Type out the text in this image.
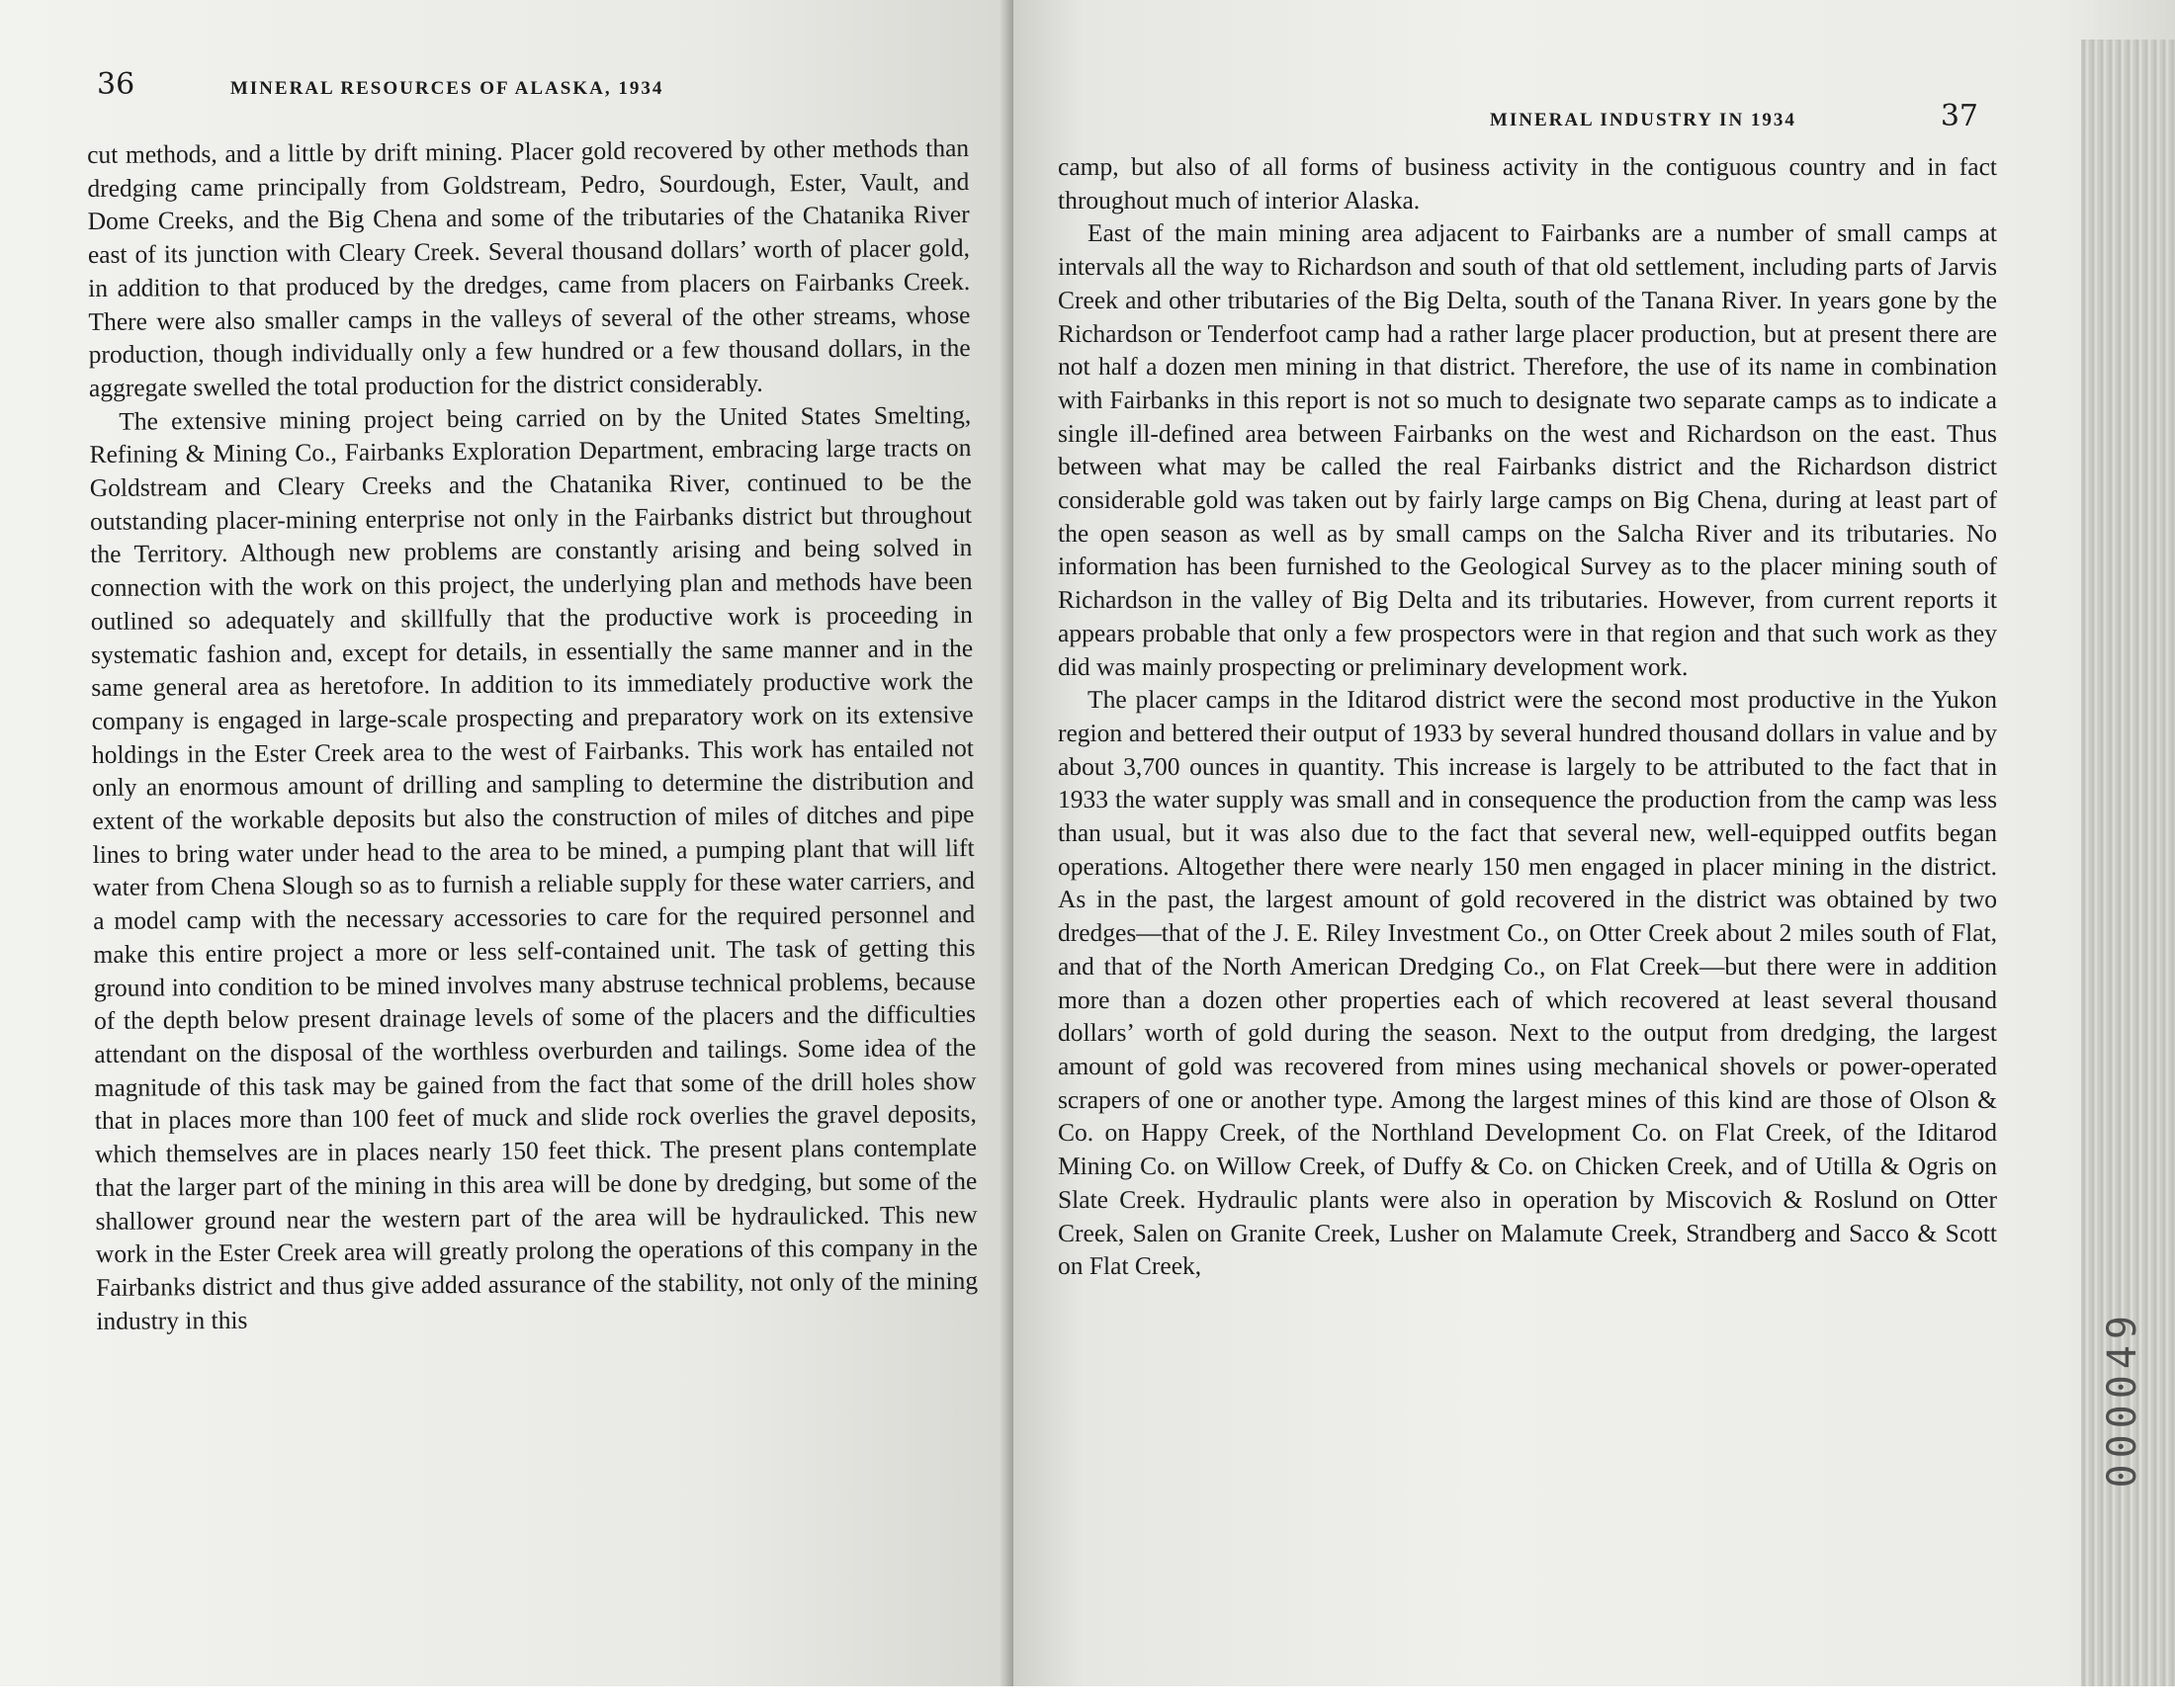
36	MINERAL RESOURCES OF ALASKA, 1934

cut methods, and a little by drift mining. Placer gold recovered by other methods than dredging came principally from Goldstream, Pedro, Sourdough, Ester, Vault, and Dome Creeks, and the Big Chena and some of the tributaries of the Chatanika River east of its junction with Cleary Creek. Several thousand dollars’ worth of placer gold, in addition to that produced by the dredges, came from placers on Fairbanks Creek. There were also smaller camps in the valleys of several of the other streams, whose production, though individually only a few hundred or a few thousand dollars, in the aggregate swelled the total production for the district considerably.

The extensive mining project being carried on by the United States Smelting, Refining & Mining Co., Fairbanks Exploration Department, embracing large tracts on Goldstream and Cleary Creeks and the Chatanika River, continued to be the outstanding placer-mining enterprise not only in the Fairbanks district but throughout the Territory. Although new problems are constantly arising and being solved in connection with the work on this project, the underlying plan and methods have been outlined so adequately and skillfully that the productive work is proceeding in systematic fashion and, except for details, in essentially the same manner and in the same general area as heretofore. In addition to its immediately productive work the company is engaged in large-scale prospecting and preparatory work on its extensive holdings in the Ester Creek area to the west of Fairbanks. This work has entailed not only an enormous amount of drilling and sampling to determine the distribution and extent of the workable deposits but also the construction of miles of ditches and pipe lines to bring water under head to the area to be mined, a pumping plant that will lift water from Chena Slough so as to furnish a reliable supply for these water carriers, and a model camp with the necessary accessories to care for the required personnel and make this entire project a more or less self-contained unit. The task of getting this ground into condition to be mined involves many abstruse technical problems, because of the depth below present drainage levels of some of the placers and the difficulties attendant on the disposal of the worthless overburden and tailings. Some idea of the magnitude of this task may be gained from the fact that some of the drill holes show that in places more than 100 feet of muck and slide rock overlies the gravel deposits, which themselves are in places nearly 150 feet thick. The present plans contemplate that the larger part of the mining in this area will be done by dredging, but some of the shallower ground near the western part of the area will be hydraulicked. This new work in the Ester Creek area will greatly prolong the operations of this company in the Fairbanks district and thus give added assurance of the stability, not only of the mining industry in this

MINERAL INDUSTRY IN 1934	37

camp, but also of all forms of business activity in the contiguous country and in fact throughout much of interior Alaska.

East of the main mining area adjacent to Fairbanks are a number of small camps at intervals all the way to Richardson and south of that old settlement, including parts of Jarvis Creek and other tributaries of the Big Delta, south of the Tanana River. In years gone by the Richardson or Tenderfoot camp had a rather large placer production, but at present there are not half a dozen men mining in that district. Therefore, the use of its name in combination with Fairbanks in this report is not so much to designate two separate camps as to indicate a single ill-defined area between Fairbanks on the west and Richardson on the east. Thus between what may be called the real Fairbanks district and the Richardson district considerable gold was taken out by fairly large camps on Big Chena, during at least part of the open season as well as by small camps on the Salcha River and its tributaries. No information has been furnished to the Geological Survey as to the placer mining south of Richardson in the valley of Big Delta and its tributaries. However, from current reports it appears probable that only a few prospectors were in that region and that such work as they did was mainly prospecting or preliminary development work.

The placer camps in the Iditarod district were the second most productive in the Yukon region and bettered their output of 1933 by several hundred thousand dollars in value and by about 3,700 ounces in quantity. This increase is largely to be attributed to the fact that in 1933 the water supply was small and in consequence the production from the camp was less than usual, but it was also due to the fact that several new, well-equipped outfits began operations. Altogether there were nearly 150 men engaged in placer mining in the district. As in the past, the largest amount of gold recovered in the district was obtained by two dredges—that of the J. E. Riley Investment Co., on Otter Creek about 2 miles south of Flat, and that of the North American Dredging Co., on Flat Creek—but there were in addition more than a dozen other properties each of which recovered at least several thousand dollars’ worth of gold during the season. Next to the output from dredging, the largest amount of gold was recovered from mines using mechanical shovels or power-operated scrapers of one or another type. Among the largest mines of this kind are those of Olson & Co. on Happy Creek, of the Northland Development Co. on Flat Creek, of the Iditarod Mining Co. on Willow Creek, of Duffy & Co. on Chicken Creek, and of Utilla & Ogris on Slate Creek. Hydraulic plants were also in operation by Miscovich & Roslund on Otter Creek, Salen on Granite Creek, Lusher on Malamute Creek, Strandberg and Sacco & Scott on Flat Creek,

000049
